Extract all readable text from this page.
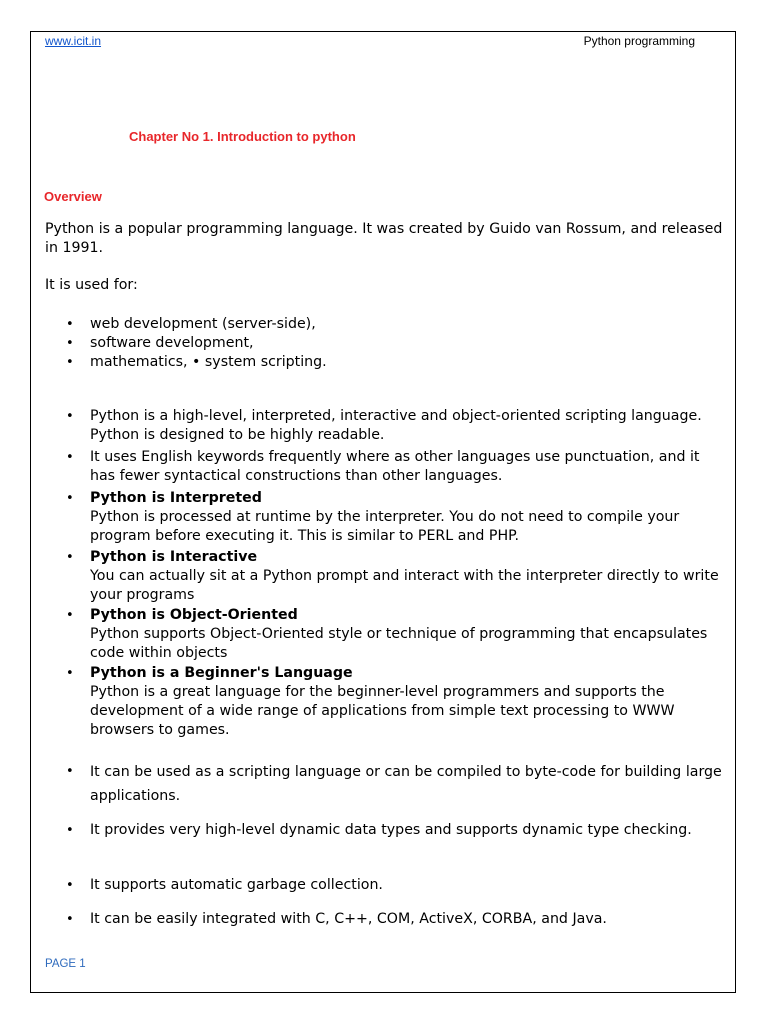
www.icit.in	Python programming
Chapter No 1. Introduction to python
Overview
Python is a popular programming language. It was created by Guido van Rossum, and released in 1991.
It is used for:
• web development (server-side),
• software development,
• mathematics, • system scripting.
• Python is a high-level, interpreted, interactive and object-oriented scripting language. Python is designed to be highly readable.
• It uses English keywords frequently where as other languages use punctuation, and it has fewer syntactical constructions than other languages.
• Python is Interpreted
Python is processed at runtime by the interpreter. You do not need to compile your program before executing it. This is similar to PERL and PHP.
• Python is Interactive
You can actually sit at a Python prompt and interact with the interpreter directly to write your programs
• Python is Object-Oriented
Python supports Object-Oriented style or technique of programming that encapsulates code within objects
• Python is a Beginner's Language
Python is a great language for the beginner-level programmers and supports the development of a wide range of applications from simple text processing to WWW browsers to games.
• It can be used as a scripting language or can be compiled to byte-code for building large applications.
• It provides very high-level dynamic data types and supports dynamic type checking.
• It supports automatic garbage collection.
• It can be easily integrated with C, C++, COM, ActiveX, CORBA, and Java.
PAGE 1
